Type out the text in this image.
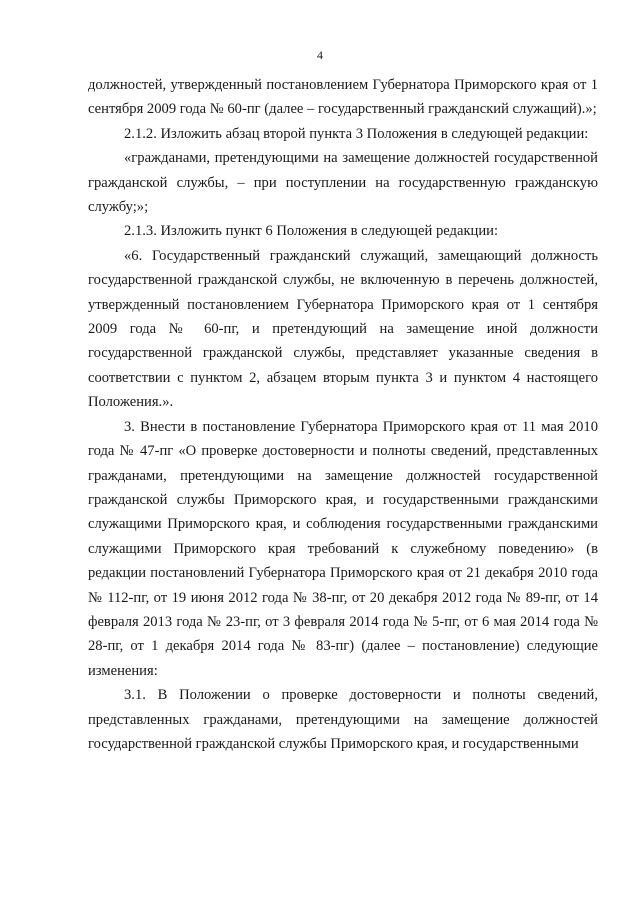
4

должностей, утвержденный постановлением Губернатора Приморского края от 1 сентября 2009 года № 60-пг (далее – государственный гражданский служащий).»;

2.1.2. Изложить абзац второй пункта 3 Положения в следующей редакции:

«гражданами, претендующими на замещение должностей государственной гражданской службы, – при поступлении на государственную гражданскую службу;»;

2.1.3. Изложить пункт 6 Положения в следующей редакции:

«6. Государственный гражданский служащий, замещающий должность государственной гражданской службы, не включенную в перечень должностей, утвержденный постановлением Губернатора Приморского края от 1 сентября 2009 года № 60-пг, и претендующий на замещение иной должности государственной гражданской службы, представляет указанные сведения в соответствии с пунктом 2, абзацем вторым пункта 3 и пунктом 4 настоящего Положения.».

3. Внести в постановление Губернатора Приморского края от 11 мая 2010 года № 47-пг «О проверке достоверности и полноты сведений, представленных гражданами, претендующими на замещение должностей государственной гражданской службы Приморского края, и государственными гражданскими служащими Приморского края, и соблюдения государственными гражданскими служащими Приморского края требований к служебному поведению» (в редакции постановлений Губернатора Приморского края от 21 декабря 2010 года № 112-пг, от 19 июня 2012 года № 38-пг, от 20 декабря 2012 года № 89-пг, от 14 февраля 2013 года № 23-пг, от 3 февраля 2014 года № 5-пг, от 6 мая 2014 года № 28-пг, от 1 декабря 2014 года № 83-пг) (далее – постановление) следующие изменения:

3.1. В Положении о проверке достоверности и полноты сведений, представленных гражданами, претендующими на замещение должностей государственной гражданской службы Приморского края, и государственными
